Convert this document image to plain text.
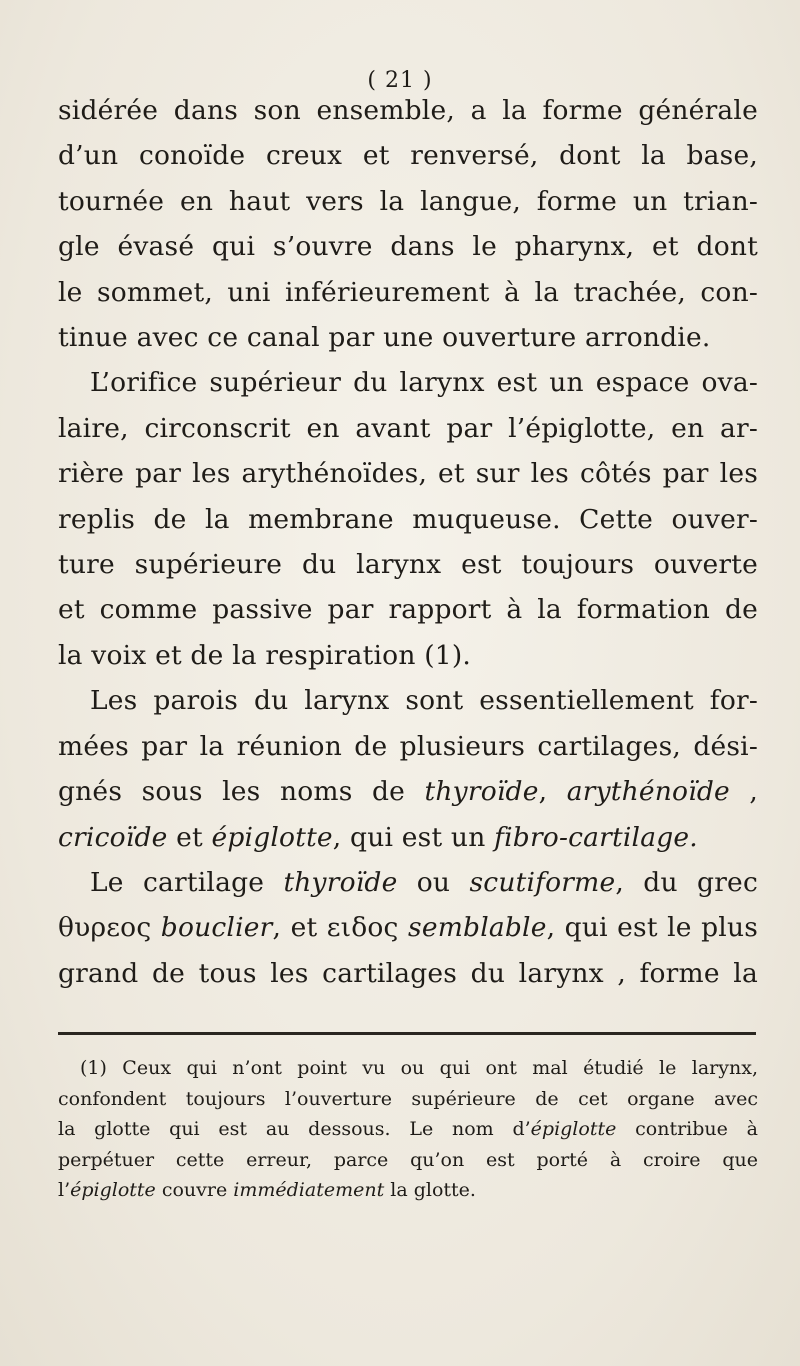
( 21 )
sidérée dans son ensemble, a la forme générale
d’un conoïde creux et renversé, dont la base,
tournée en haut vers la langue, forme un trian-
gle évasé qui s’ouvre dans le pharynx, et dont
le sommet, uni inférieurement à la trachée, con-
tinue avec ce canal par une ouverture arrondie.
L’orifice supérieur du larynx est un espace ova-
laire, circonscrit en avant par l’épiglotte, en ar-
rière par les arythénoïdes, et sur les côtés par les
replis de la membrane muqueuse. Cette ouver-
ture supérieure du larynx est toujours ouverte
et comme passive par rapport à la formation de
la voix et de la respiration (1).
Les parois du larynx sont essentiellement for-
mées par la réunion de plusieurs cartilages, dési-
gnés sous les noms de thyroïde, arythénoïde ,
cricoïde et épiglotte, qui est un fibro-cartilage.
Le cartilage thyroïde ou scutiforme, du grec
θυρεος bouclier, et ειδος semblable, qui est le plus
grand de tous les cartilages du larynx , forme la
(1) Ceux qui n’ont point vu ou qui ont mal étudié le larynx,
confondent toujours l’ouverture supérieure de cet organe avec
la glotte qui est au dessous. Le nom d’épiglotte contribue à
perpétuer cette erreur, parce qu’on est porté à croire que
l’épiglotte couvre immédiatement la glotte.
